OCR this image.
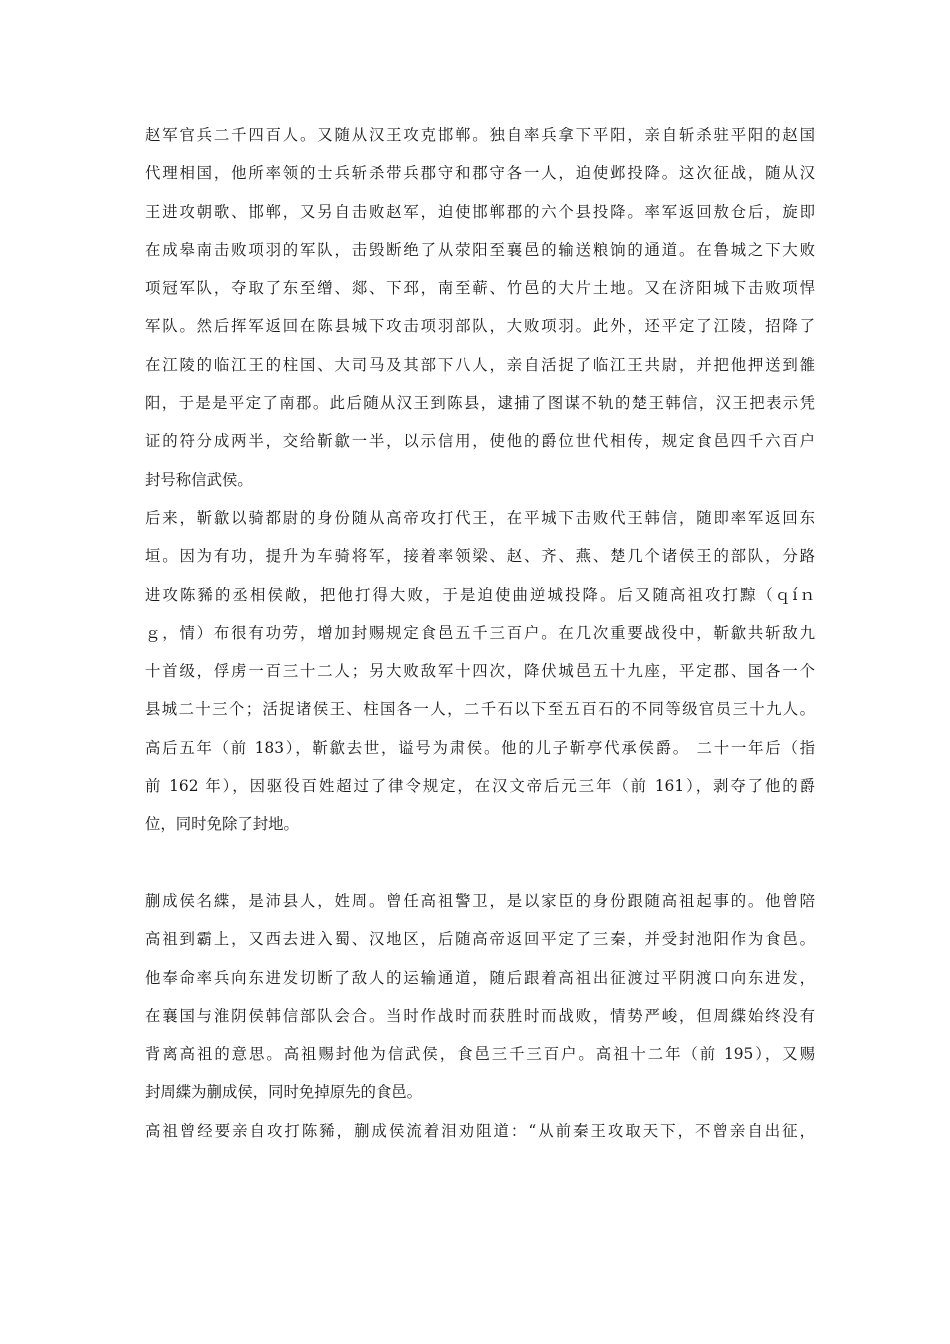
赵军官兵二千四百人。又随从汉王攻克邯郸。独自率兵拿下平阳，亲自斩杀驻平阳的赵国
代理相国，他所率领的士兵斩杀带兵郡守和郡守各一人，迫使邺投降。这次征战，随从汉
王进攻朝歌、邯郸，又另自击败赵军，迫使邯郸郡的六个县投降。率军返回敖仓后，旋即
在成皋南击败项羽的军队，击毁断绝了从荥阳至襄邑的输送粮饷的通道。在鲁城之下大败
项冠军队，夺取了东至缯、郯、下邳，南至蕲、竹邑的大片土地。又在济阳城下击败项悍
军队。然后挥军返回在陈县城下攻击项羽部队，大败项羽。此外，还平定了江陵，招降了
在江陵的临江王的柱国、大司马及其部下八人，亲自活捉了临江王共尉，并把他押送到雒
阳，于是是平定了南郡。此后随从汉王到陈县，逮捕了图谋不轨的楚王韩信，汉王把表示凭
证的符分成两半，交给靳歙一半，以示信用，使他的爵位世代相传，规定食邑四千六百户
封号称信武侯。
后来，靳歙以骑都尉的身份随从高帝攻打代王，在平城下击败代王韩信，随即率军返回东
垣。因为有功，提升为车骑将军，接着率领梁、赵、齐、燕、楚几个诸侯王的部队，分路
进攻陈豨的丞相侯敞，把他打得大败，于是迫使曲逆城投降。后又随高祖攻打黥（ｑíｎ
ｇ，情）布很有功劳，增加封赐规定食邑五千三百户。在几次重要战役中，靳歙共斩敌九
十首级，俘虏一百三十二人；另大败敌军十四次，降伏城邑五十九座，平定郡、国各一个
县城二十三个；活捉诸侯王、柱国各一人，二千石以下至五百石的不同等级官员三十九人。
高后五年（前 183），靳歙去世，谥号为肃侯。他的儿子靳亭代承侯爵。 二十一年后（指
前 162 年），因驱役百姓超过了律令规定，在汉文帝后元三年（前 161），剥夺了他的爵
位，同时免除了封地。
蒯成侯名緤，是沛县人，姓周。曾任高祖警卫，是以家臣的身份跟随高祖起事的。他曾陪
高祖到霸上，又西去进入蜀、汉地区，后随高帝返回平定了三秦，并受封池阳作为食邑。
他奉命率兵向东进发切断了敌人的运输通道，随后跟着高祖出征渡过平阴渡口向东进发，
在襄国与淮阴侯韩信部队会合。当时作战时而获胜时而战败，情势严峻，但周緤始终没有
背离高祖的意思。高祖赐封他为信武侯，食邑三千三百户。高祖十二年（前 195），又赐
封周緤为蒯成侯，同时免掉原先的食邑。
高祖曾经要亲自攻打陈豨，蒯成侯流着泪劝阻道：“从前秦王攻取天下，不曾亲自出征，
